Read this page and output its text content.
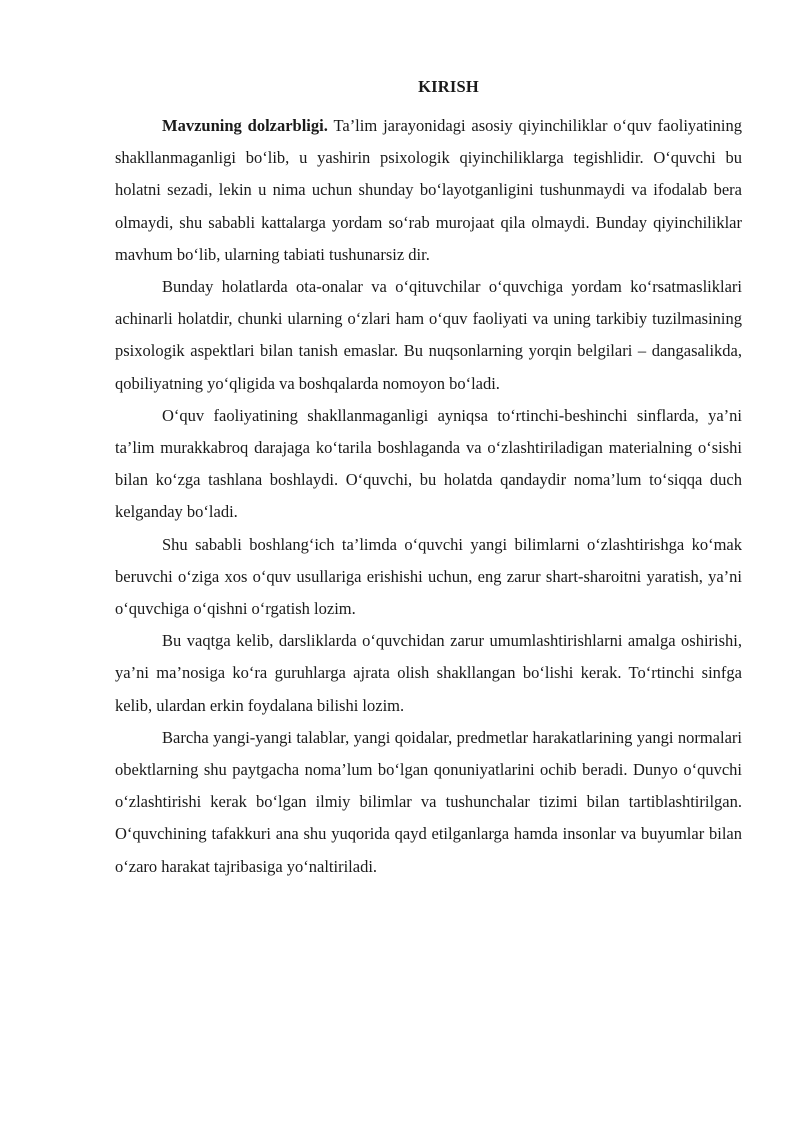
KIRISH

Mavzuning dolzarbligi. Ta’lim jarayonidagi asosiy qiyinchiliklar o‘quv faoliyatining shakllanmaganligi bo‘lib, u yashirin psixologik qiyinchiliklarga tegishlidir. O‘quvchi bu holatni sezadi, lekin u nima uchun shunday bo‘layotganligini tushunmaydi va ifodalab bera olmaydi, shu sababli kattalarga yordam so‘rab murojaat qila olmaydi. Bunday qiyinchiliklar mavhum bo‘lib, ularning tabiati tushunarsiz dir.

Bunday holatlarda ota-onalar va o‘qituvchilar o‘quvchiga yordam ko‘rsatmasliklari achinarli holatdir, chunki ularning o‘zlari ham o‘quv faoliyati va uning tarkibiy tuzilmasining psixologik aspektlari bilan tanish emaslar. Bu nuqsonlarning yorqin belgilari – dangasalikda, qobiliyatning yo‘qligida va boshqalarda nomoyon bo‘ladi.

O‘quv faoliyatining shakllanmaganligi ayniqsa to‘rtinchi-beshinchi sinflarda, ya’ni ta’lim murakkabroq darajaga ko‘tarila boshlaganda va o‘zlashtiriladigan materialning o‘sishi bilan ko‘zga tashlana boshlaydi. O‘quvchi, bu holatda qandaydir noma’lum to‘siqqa duch kelganday bo‘ladi.

Shu sababli boshlang‘ich ta’limda o‘quvchi yangi bilimlarni o‘zlashtirishga ko‘mak beruvchi o‘ziga xos o‘quv usullariga erishishi uchun, eng zarur shart-sharoitni yaratish, ya’ni o‘quvchiga o‘qishni o‘rgatish lozim.

Bu vaqtga kelib, darsliklarda o‘quvchidan zarur umumlashtirishlarni amalga oshirishi, ya’ni ma’nosiga ko‘ra guruhlarga ajrata olish shakllangan bo‘lishi kerak. To‘rtinchi sinfga kelib, ulardan erkin foydalana bilishi lozim.

Barcha yangi-yangi talablar, yangi qoidalar, predmetlar harakatlarining yangi normalari obektlarning shu paytgacha noma’lum bo‘lgan qonuniyatlarini ochib beradi. Dunyo o‘quvchi o‘zlashtirishi kerak bo‘lgan ilmiy bilimlar va tushunchalar tizimi bilan tartiblashtirilgan. O‘quvchining tafakkuri ana shu yuqorida qayd etilganlarga hamda insonlar va buyumlar bilan o‘zaro harakat tajribasiga yo‘naltiriladi.
